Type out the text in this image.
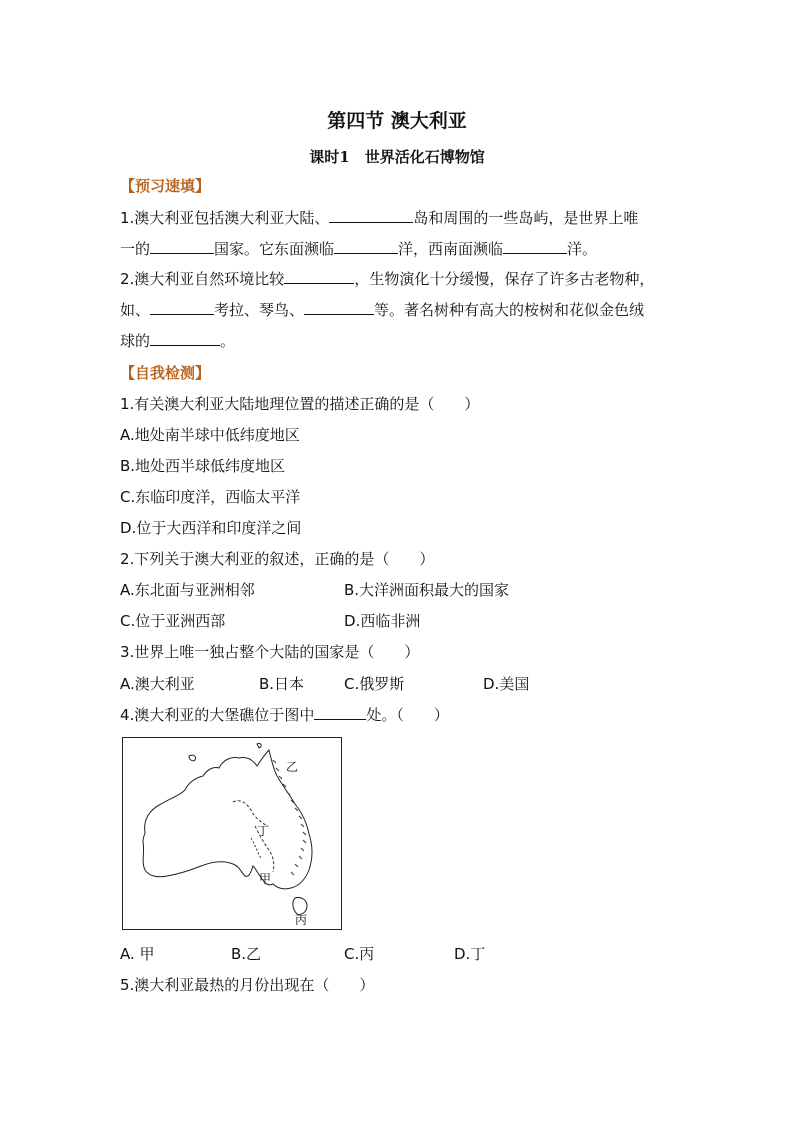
第四节 澳大利亚
课时1　世界活化石博物馆
【预习速填】
1.澳大利亚包括澳大利亚大陆、	岛和周围的一些岛屿，是世界上唯
一的	国家。它东面濒临	洋，西南面濒临	洋。
2.澳大利亚自然环境比较	，生物演化十分缓慢，保存了许多古老物种，
如、	考拉、琴鸟、	等。著名树种有高大的桉树和花似金色绒
球的	。
【自我检测】
1.有关澳大利亚大陆地理位置的描述正确的是（　　）
A.地处南半球中低纬度地区
B.地处西半球低纬度地区
C.东临印度洋，西临太平洋
D.位于大西洋和印度洋之间
2.下列关于澳大利亚的叙述，正确的是（　　）
A.东北面与亚洲相邻	B.大洋洲面积最大的国家
C.位于亚洲西部	D.西临非洲
3.世界上唯一独占整个大陆的国家是（　　）
A.澳大利亚	B.日本	C.俄罗斯	D.美国
4.澳大利亚的大堡礁位于图中	处。（　　）
乙
丁
甲
丙
A. 甲	B.乙	C.丙	D.丁
5.澳大利亚最热的月份出现在（　　）
